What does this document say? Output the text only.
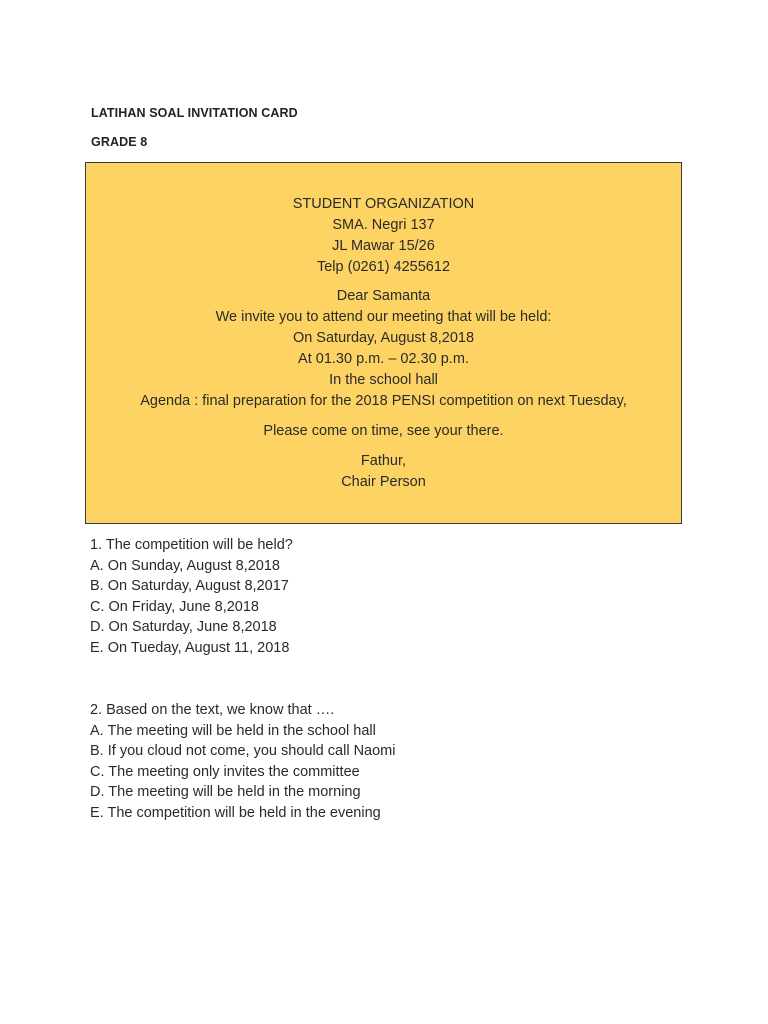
LATIHAN SOAL INVITATION CARD
GRADE 8
STUDENT ORGANIZATION
SMA. Negri 137
JL Mawar 15/26
Telp (0261) 4255612
Dear Samanta
We invite you to attend our meeting that will be held:
On Saturday, August 8,2018
At 01.30 p.m. – 02.30 p.m.
In the school hall
Agenda : final preparation for the 2018 PENSI competition on next Tuesday,
Please come on time, see your there.
Fathur,
Chair Person
1. The competition will be held?
A. On Sunday, August 8,2018
B. On Saturday, August 8,2017
C. On Friday, June 8,2018
D. On Saturday, June 8,2018
E. On Tueday, August 11, 2018
2. Based on the text, we know that ….
A. The meeting will be held in the school hall
B. If you cloud not come, you should call Naomi
C. The meeting only invites the committee
D. The meeting will be held in the morning
E. The competition will be held in the evening
